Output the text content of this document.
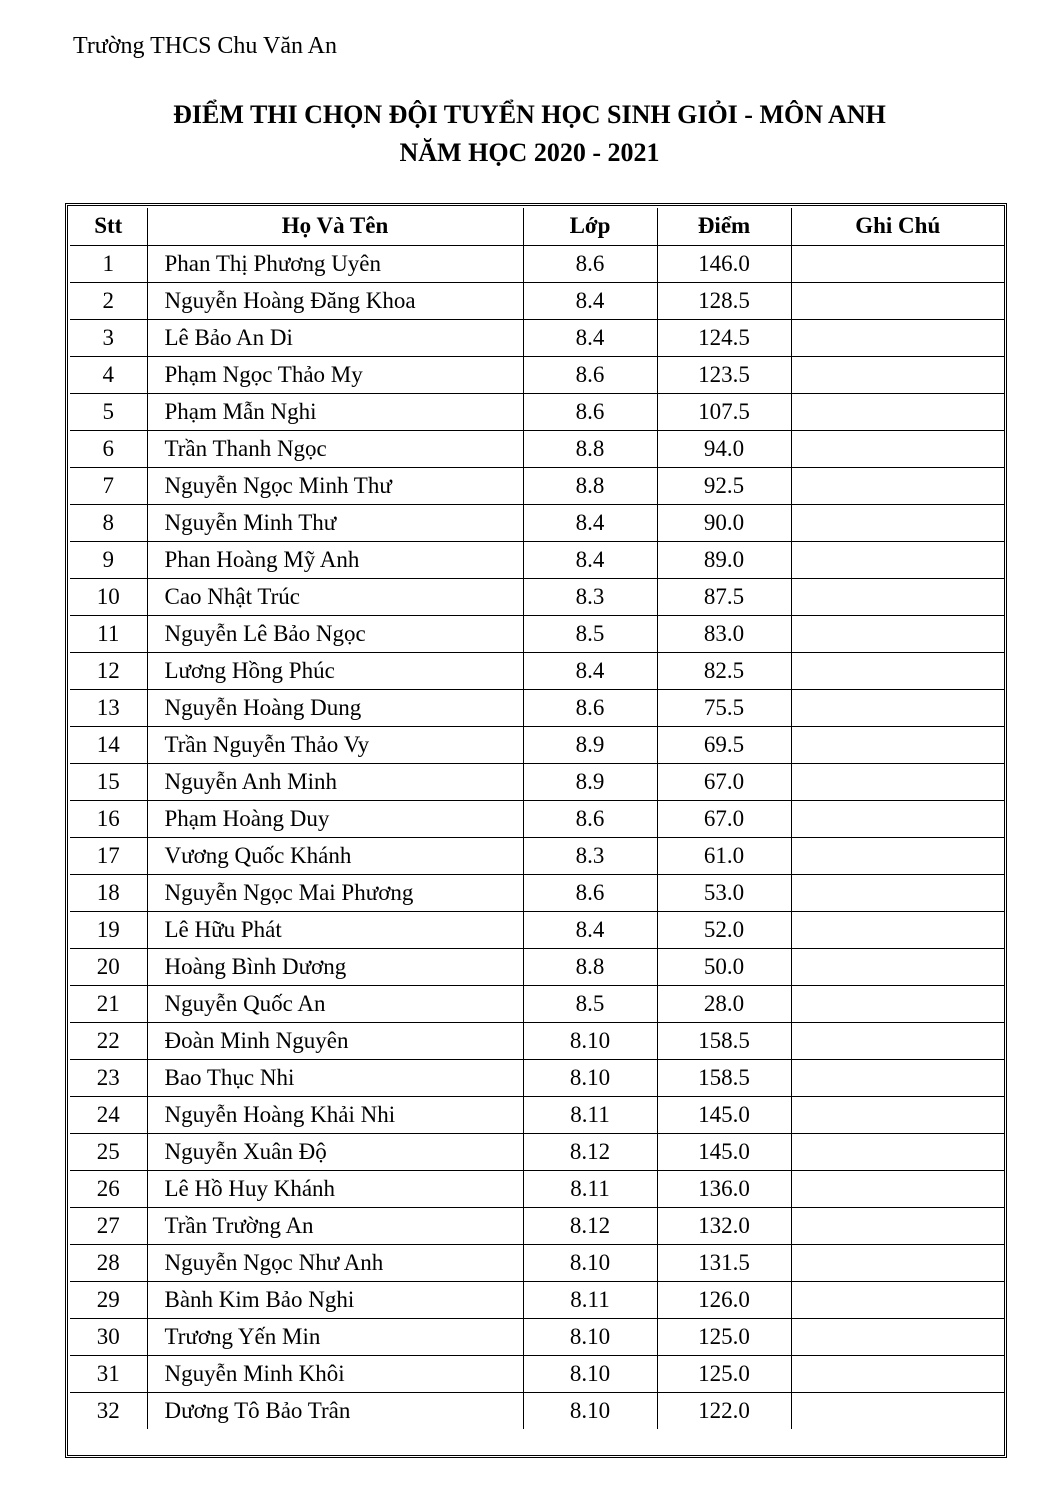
Trường THCS Chu Văn An
ĐIỂM THI CHỌN ĐỘI TUYỂN HỌC SINH GIỎI - MÔN ANH
NĂM HỌC 2020 - 2021
Stt	Họ Và Tên	Lớp	Điểm	Ghi Chú
1	Phan Thị Phương Uyên	8.6	146.0	
2	Nguyễn Hoàng Đăng Khoa	8.4	128.5	
3	Lê Bảo An Di	8.4	124.5	
4	Phạm Ngọc Thảo My	8.6	123.5	
5	Phạm Mẫn Nghi	8.6	107.5	
6	Trần Thanh Ngọc	8.8	94.0	
7	Nguyễn Ngọc Minh Thư	8.8	92.5	
8	Nguyễn Minh Thư	8.4	90.0	
9	Phan Hoàng Mỹ Anh	8.4	89.0	
10	Cao Nhật Trúc	8.3	87.5	
11	Nguyễn Lê Bảo Ngọc	8.5	83.0	
12	Lương Hồng Phúc	8.4	82.5	
13	Nguyễn Hoàng Dung	8.6	75.5	
14	Trần Nguyễn Thảo Vy	8.9	69.5	
15	Nguyễn Anh Minh	8.9	67.0	
16	Phạm Hoàng Duy	8.6	67.0	
17	Vương Quốc Khánh	8.3	61.0	
18	Nguyễn Ngọc Mai Phương	8.6	53.0	
19	Lê Hữu Phát	8.4	52.0	
20	Hoàng Bình Dương	8.8	50.0	
21	Nguyễn Quốc An	8.5	28.0	
22	Đoàn Minh Nguyên	8.10	158.5	
23	Bao Thục Nhi	8.10	158.5	
24	Nguyễn Hoàng Khải Nhi	8.11	145.0	
25	Nguyễn Xuân Độ	8.12	145.0	
26	Lê Hồ Huy Khánh	8.11	136.0	
27	Trần Trường An	8.12	132.0	
28	Nguyễn Ngọc Như Anh	8.10	131.5	
29	Bành Kim Bảo Nghi	8.11	126.0	
30	Trương Yến Min	8.10	125.0	
31	Nguyễn Minh Khôi	8.10	125.0	
32	Dương Tô Bảo Trân	8.10	122.0	
